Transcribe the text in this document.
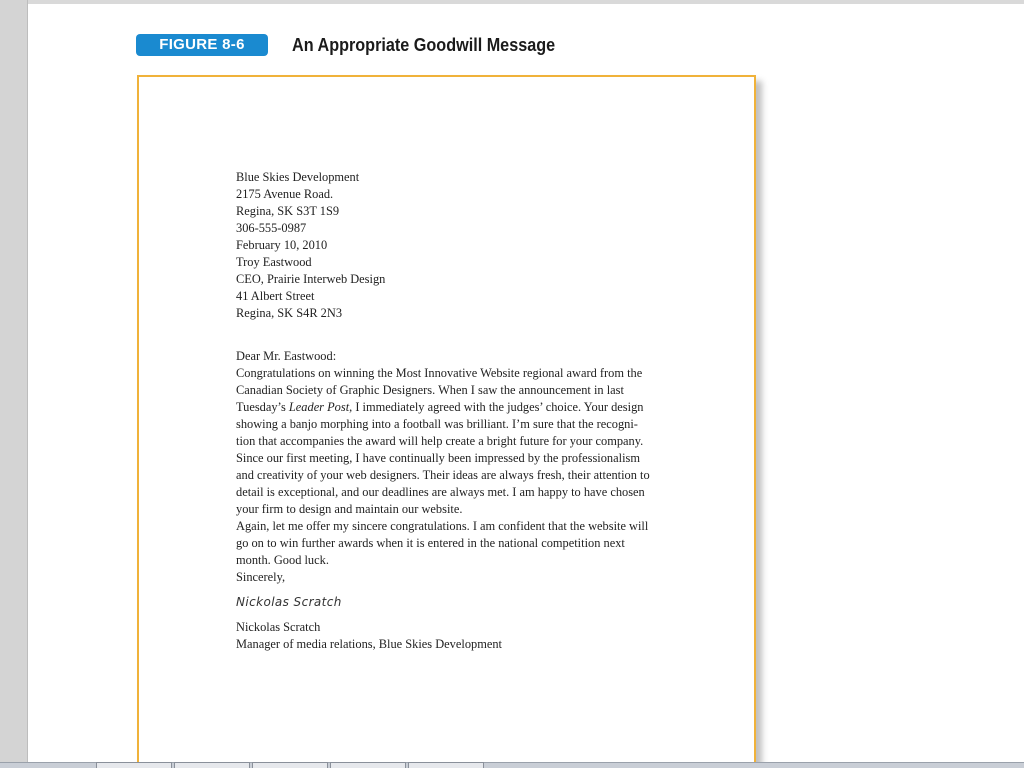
FIGURE 8-6	An Appropriate Goodwill Message

Blue Skies Development
2175 Avenue Road.
Regina, SK S3T 1S9
306-555-0987

February 10, 2010

Troy Eastwood
CEO, Prairie Interweb Design
41 Albert Street
Regina, SK S4R 2N3

Dear Mr. Eastwood:

Congratulations on winning the Most Innovative Website regional award from the
Canadian Society of Graphic Designers. When I saw the announcement in last
Tuesday’s Leader Post, I immediately agreed with the judges’ choice. Your design
showing a banjo morphing into a football was brilliant. I’m sure that the recogni-
tion that accompanies the award will help create a bright future for your company.

Since our first meeting, I have continually been impressed by the professionalism
and creativity of your web designers. Their ideas are always fresh, their attention to
detail is exceptional, and our deadlines are always met. I am happy to have chosen
your firm to design and maintain our website.

Again, let me offer my sincere congratulations. I am confident that the website will
go on to win further awards when it is entered in the national competition next
month. Good luck.

Sincerely,

Nickolas Scratch

Nickolas Scratch
Manager of media relations, Blue Skies Development
